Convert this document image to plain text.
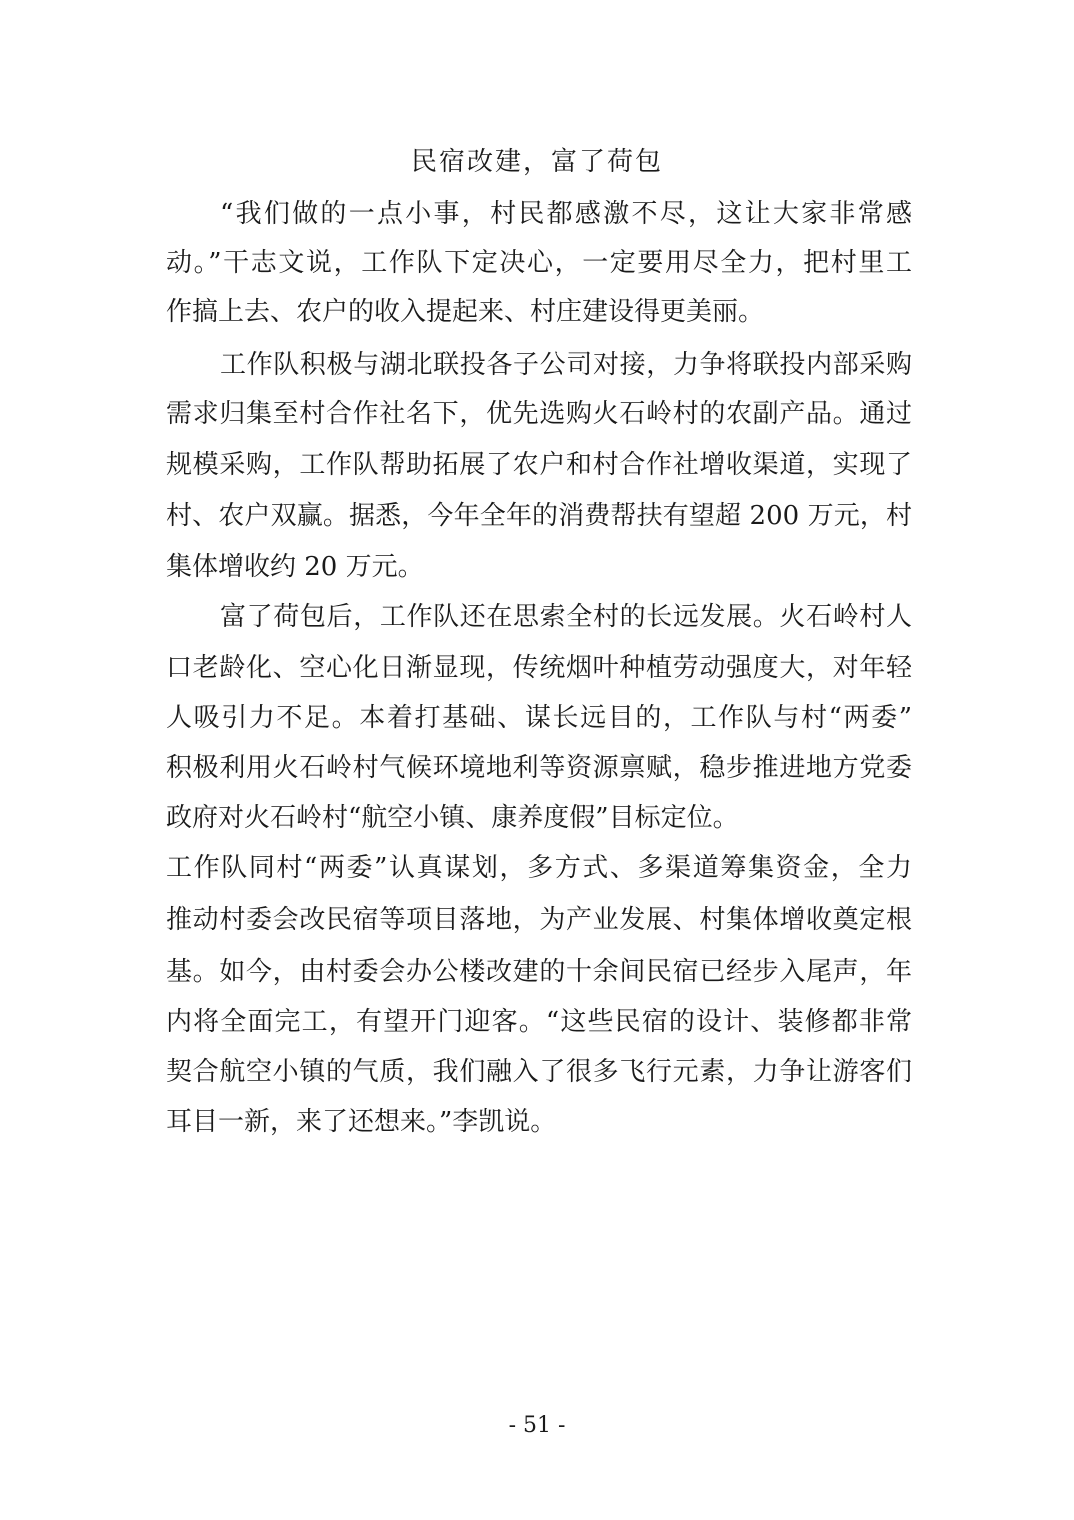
民宿改建，富了荷包

“我们做的一点小事，村民都感激不尽，这让大家非常感

动。”干志文说，工作队下定决心，一定要用尽全力，把村里工

作搞上去、农户的收入提起来、村庄建设得更美丽。

工作队积极与湖北联投各子公司对接，力争将联投内部采购

需求归集至村合作社名下，优先选购火石岭村的农副产品。通过

规模采购，工作队帮助拓展了农户和村合作社增收渠道，实现了

村、农户双赢。据悉，今年全年的消费帮扶有望超 200 万元，村

集体增收约 20 万元。

富了荷包后，工作队还在思索全村的长远发展。火石岭村人

口老龄化、空心化日渐显现，传统烟叶种植劳动强度大，对年轻

人吸引力不足。本着打基础、谋长远目的，工作队与村“两委”

积极利用火石岭村气候环境地利等资源禀赋，稳步推进地方党委

政府对火石岭村“航空小镇、康养度假”目标定位。

工作队同村“两委”认真谋划，多方式、多渠道筹集资金，全力

推动村委会改民宿等项目落地，为产业发展、村集体增收奠定根

基。如今，由村委会办公楼改建的十余间民宿已经步入尾声，年

内将全面完工，有望开门迎客。“这些民宿的设计、装修都非常

契合航空小镇的气质，我们融入了很多飞行元素，力争让游客们

耳目一新，来了还想来。”李凯说。

- 51 -
